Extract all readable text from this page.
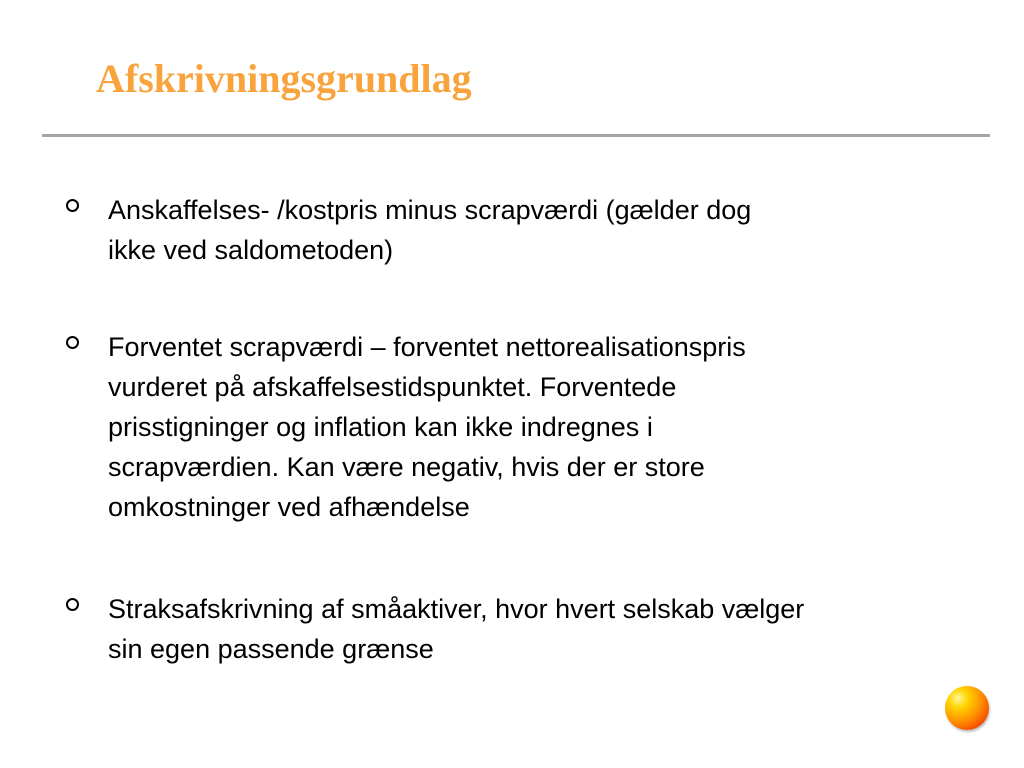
Afskrivningsgrundlag
Anskaffelses- /kostpris minus scrapværdi (gælder dog
ikke ved saldometoden)
Forventet scrapværdi – forventet nettorealisationspris
vurderet på afskaffelsestidspunktet. Forventede
prisstigninger og inflation kan ikke indregnes i
scrapværdien. Kan være negativ, hvis der er store
omkostninger ved afhændelse
Straksafskrivning af småaktiver, hvor hvert selskab vælger
sin egen passende grænse
